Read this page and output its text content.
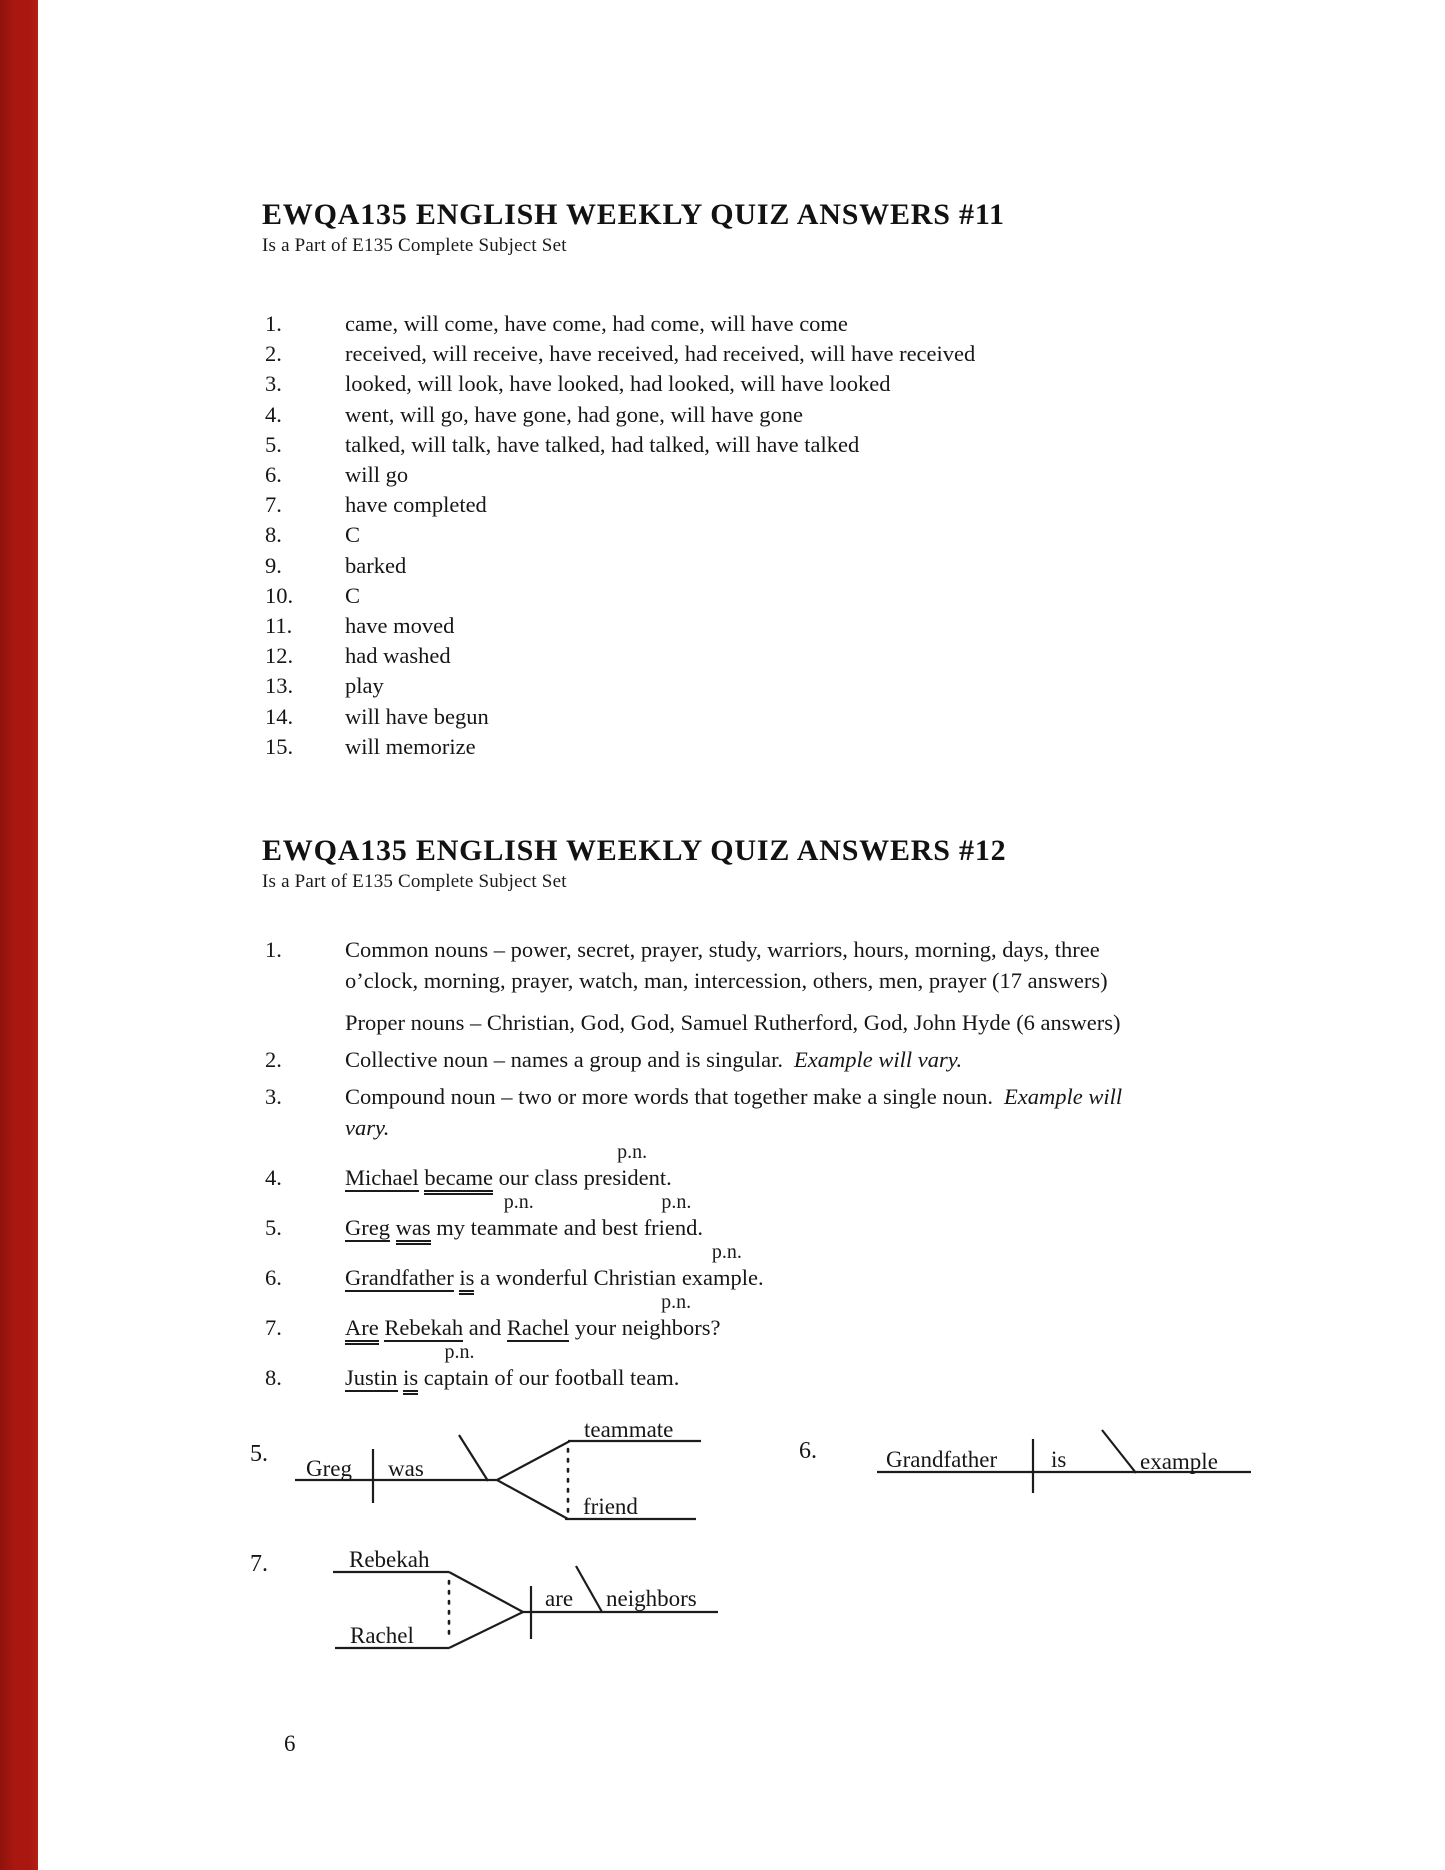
EWQA135 ENGLISH WEEKLY QUIZ ANSWERS #11
Is a Part of E135 Complete Subject Set
1.	came, will come, have come, had come, will have come
2.	received, will receive, have received, had received, will have received
3.	looked, will look, have looked, had looked, will have looked
4.	went, will go, have gone, had gone, will have gone
5.	talked, will talk, have talked, had talked, will have talked
6.	will go
7.	have completed
8.	C
9.	barked
10.	C
11.	have moved
12.	had washed
13.	play
14.	will have begun
15.	will memorize
EWQA135 ENGLISH WEEKLY QUIZ ANSWERS #12
Is a Part of E135 Complete Subject Set
1.	Common nouns – power, secret, prayer, study, warriors, hours, morning, days, three
o’clock, morning, prayer, watch, man, intercession, others, men, prayer (17 answers)
Proper nouns – Christian, God, God, Samuel Rutherford, God, John Hyde (6 answers)
2.	Collective noun – names a group and is singular. Example will vary.
3.	Compound noun – two or more words that together make a single noun. Example will
vary.
4.	Michael became our class president.
p.n.
5.	Greg was my teammate
p.n.
and best friend.
p.n.
6.	Grandfather is a wonderful Christian example.
p.n.
7.	Are Rebekah and Rachel your neighbors?
p.n.
8.	Justin is captain
p.n.
of our football team.
5.
Greg was
teammate
friend
6.	Grandfather is	example
7.	Rebekah
Rachel
are neighbors
6
